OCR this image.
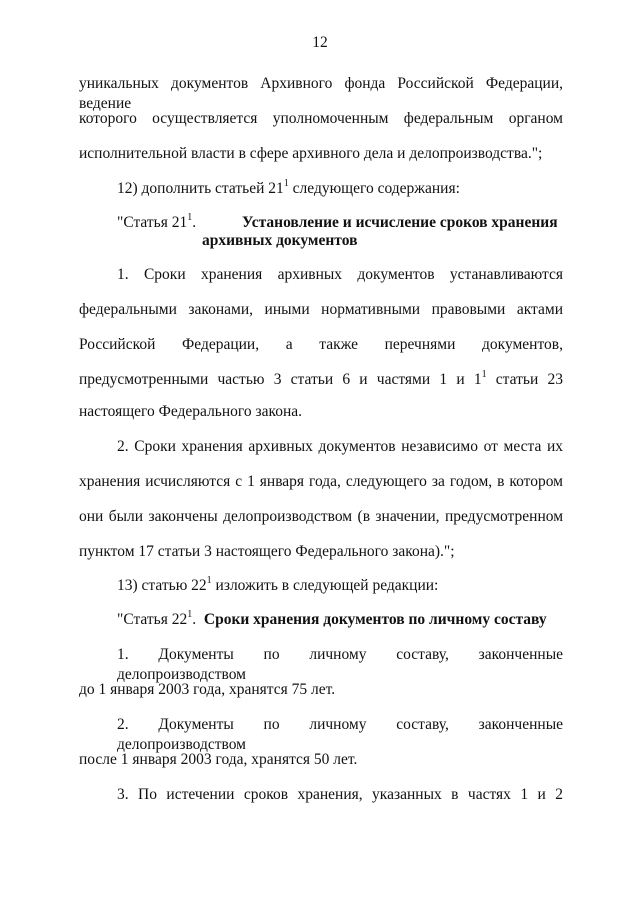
12
уникальных документов Архивного фонда Российской Федерации, ведение
которого осуществляется уполномоченным федеральным органом
исполнительной власти в сфере архивного дела и делопроизводства.";
12) дополнить статьей $21^1$ следующего содержания:
"Статья $21^1$.	Установление и исчисление сроков хранения
архивных документов
1. Сроки хранения архивных документов устанавливаются
федеральными законами, иными нормативными правовыми актами
Российской Федерации, а также перечнями документов,
предусмотренными частью 3 статьи 6 и частями 1 и $1^1$ статьи 23
настоящего Федерального закона.
2. Сроки хранения архивных документов независимо от места их
хранения исчисляются с 1 января года, следующего за годом, в котором
они были закончены делопроизводством (в значении, предусмотренном
пунктом 17 статьи 3 настоящего Федерального закона).";
13) статью $22^1$ изложить в следующей редакции:
"Статья $22^1$. Сроки хранения документов по личному составу
1. Документы по личному составу, законченные делопроизводством
до 1 января 2003 года, хранятся 75 лет.
2. Документы по личному составу, законченные делопроизводством
после 1 января 2003 года, хранятся 50 лет.
3. По истечении сроков хранения, указанных в частях 1 и 2
